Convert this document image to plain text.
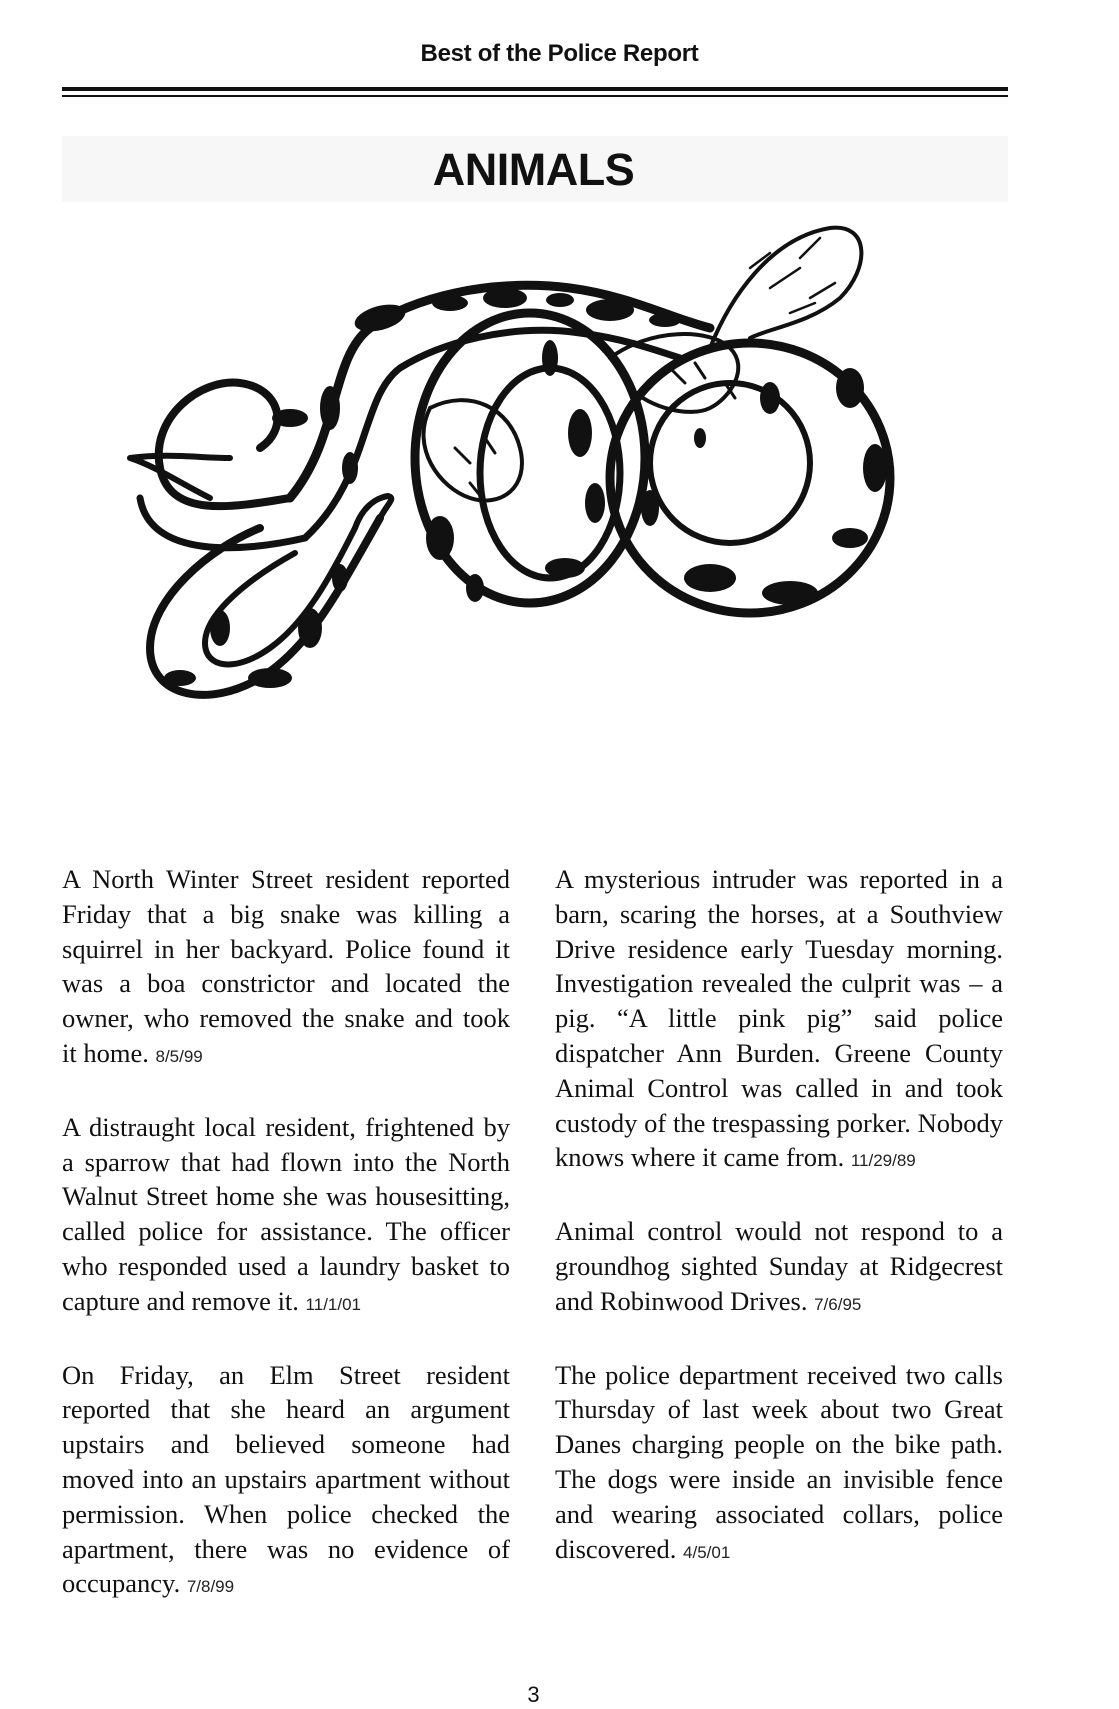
Best of the Police Report
ANIMALS

A North Winter Street resident reported Friday that a big snake was killing a squirrel in her backyard. Police found it was a boa constrictor and located the owner, who removed the snake and took it home. 8/5/99

A distraught local resident, frightened by a sparrow that had flown into the North Walnut Street home she was housesitting, called police for assistance. The officer who responded used a laundry basket to capture and remove it. 11/1/01

On Friday, an Elm Street resident reported that she heard an argument upstairs and believed someone had moved into an upstairs apartment without permission. When police checked the apartment, there was no evidence of occupancy. 7/8/99

A mysterious intruder was reported in a barn, scaring the horses, at a Southview Drive residence early Tuesday morning. Investigation revealed the culprit was – a pig. “A little pink pig” said police dispatcher Ann Burden. Greene County Animal Control was called in and took custody of the trespassing porker. Nobody knows where it came from. 11/29/89

Animal control would not respond to a groundhog sighted Sunday at Ridgecrest and Robinwood Drives. 7/6/95

The police department received two calls Thursday of last week about two Great Danes charging people on the bike path. The dogs were inside an invisible fence and wearing associated collars, police discovered. 4/5/01

3
